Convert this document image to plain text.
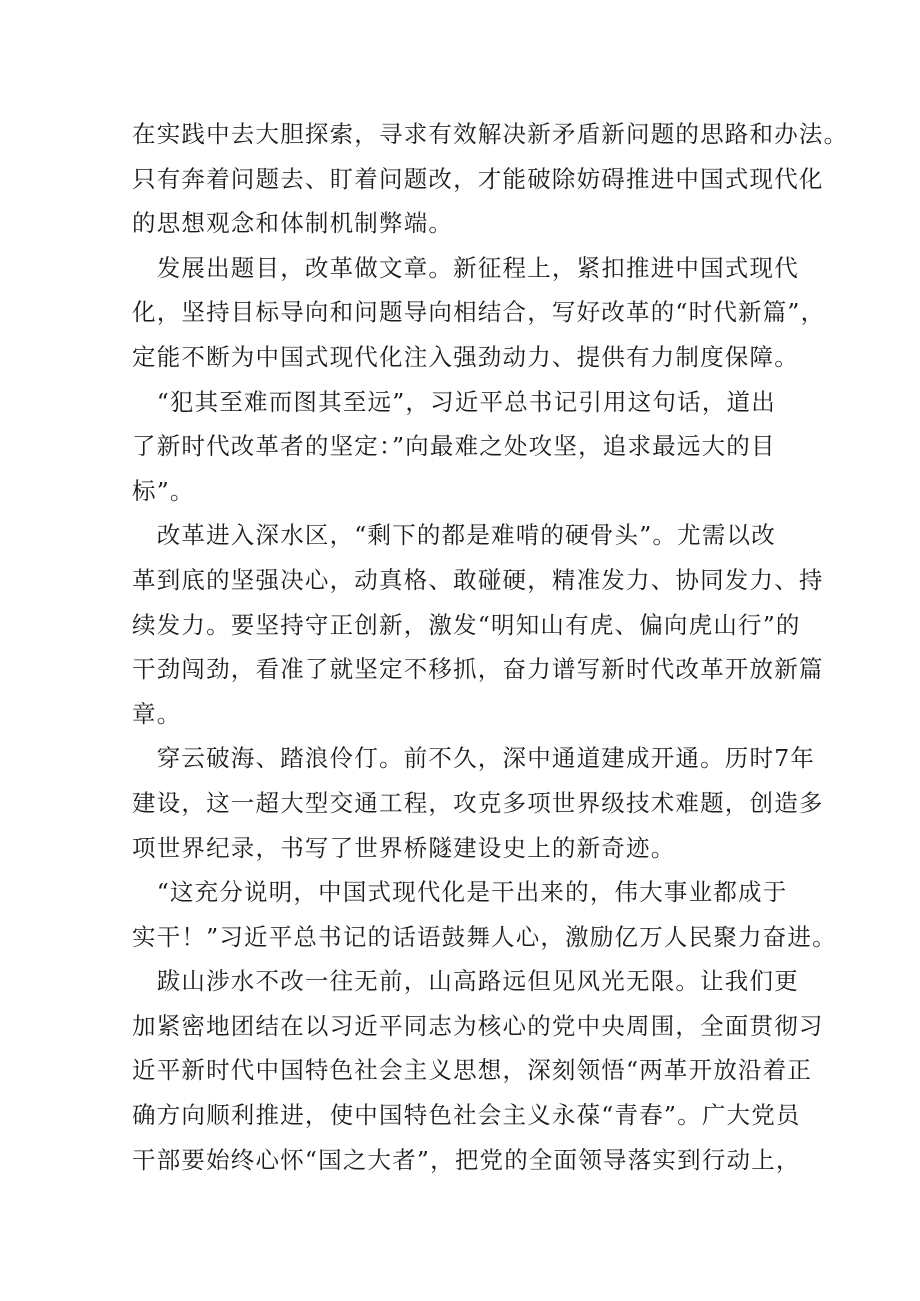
在实践中去大胆探索，寻求有效解决新矛盾新问题的思路和办法。
只有奔着问题去、盯着问题改，才能破除妨碍推进中国式现代化
的思想观念和体制机制弊端。
　发展出题目，改革做文章。新征程上，紧扣推进中国式现代
化，坚持目标导向和问题导向相结合，写好改革的“时代新篇”，
定能不断为中国式现代化注入强劲动力、提供有力制度保障。
　“犯其至难而图其至远”，习近平总书记引用这句话，道出
了新时代改革者的坚定：”向最难之处攻坚，追求最远大的目
标”。
　改革进入深水区，“剩下的都是难啃的硬骨头”。尤需以改
革到底的坚强决心，动真格、敢碰硬，精准发力、协同发力、持
续发力。要坚持守正创新，激发“明知山有虎、偏向虎山行”的
干劲闯劲，看准了就坚定不移抓，奋力谱写新时代改革开放新篇
章。
　穿云破海、踏浪伶仃。前不久，深中通道建成开通。历时7年
建设，这一超大型交通工程，攻克多项世界级技术难题，创造多
项世界纪录，书写了世界桥隧建设史上的新奇迹。
　“这充分说明，中国式现代化是干出来的，伟大事业都成于
实干！”习近平总书记的话语鼓舞人心，激励亿万人民聚力奋进。
　跋山涉水不改一往无前，山高路远但见风光无限。让我们更
加紧密地团结在以习近平同志为核心的党中央周围，全面贯彻习
近平新时代中国特色社会主义思想，深刻领悟“两革开放沿着正
确方向顺利推进，使中国特色社会主义永葆“青春”。广大党员
干部要始终心怀“国之大者”，把党的全面领导落实到行动上，
